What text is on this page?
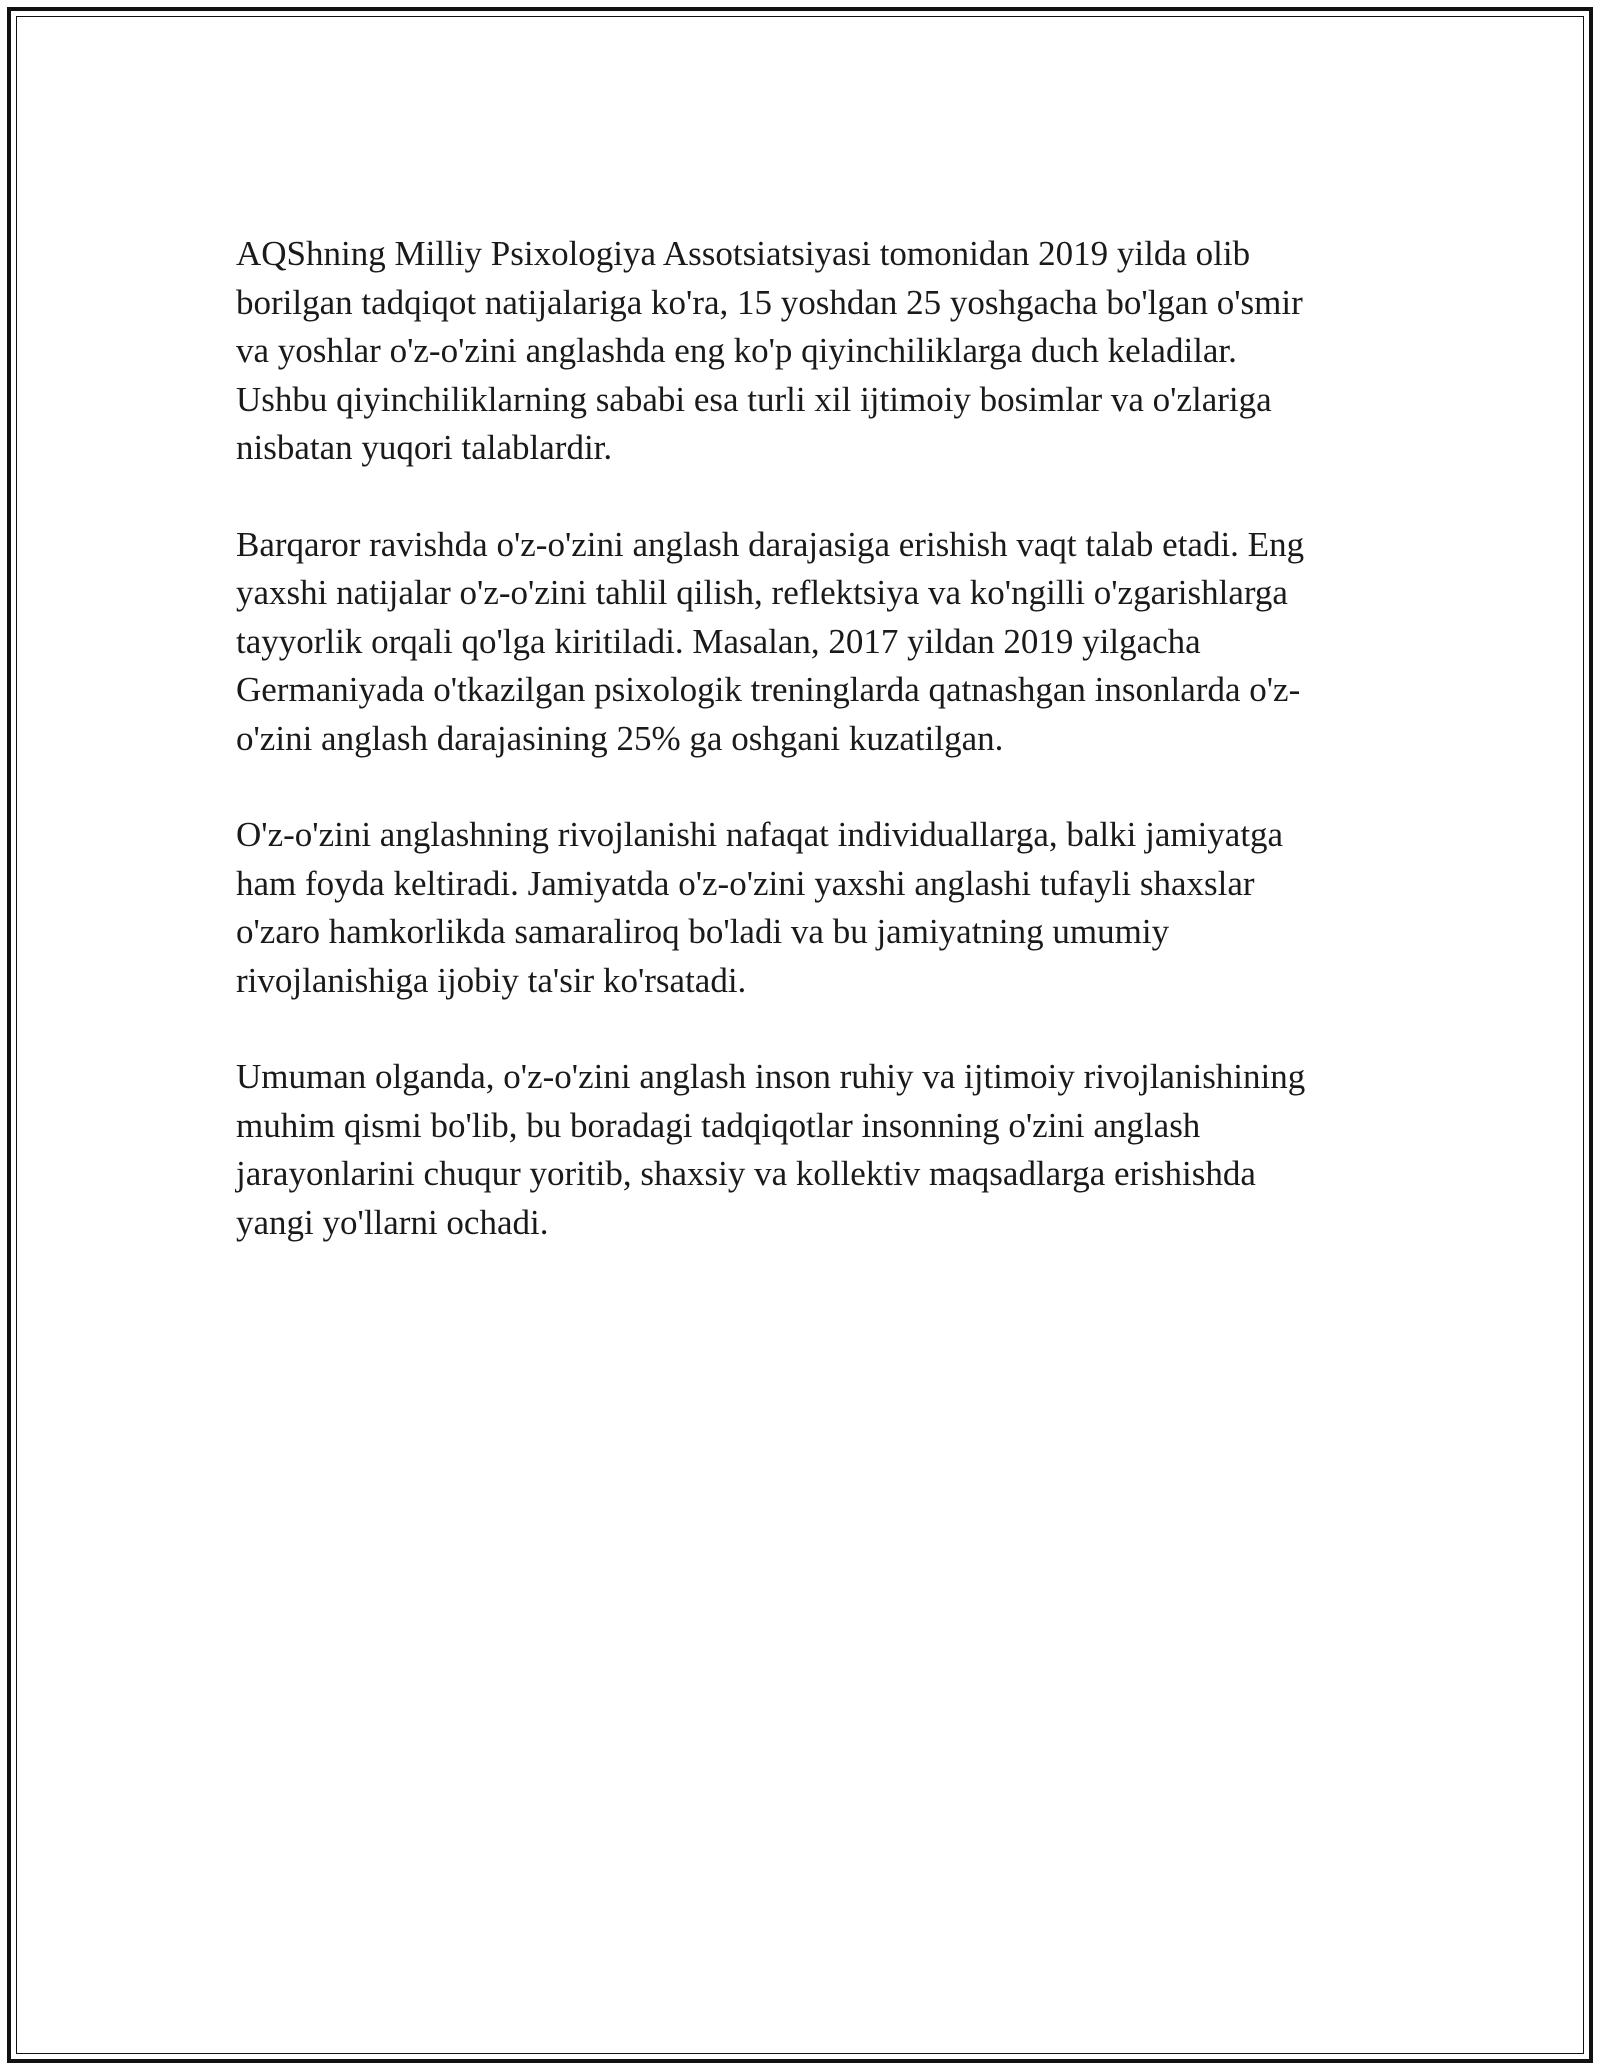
AQShning Milliy Psixologiya Assotsiatsiyasi tomonidan 2019 yilda olib
borilgan tadqiqot natijalariga ko'ra, 15 yoshdan 25 yoshgacha bo'lgan o'smir
va yoshlar o'z-o'zini anglashda eng ko'p qiyinchiliklarga duch keladilar.
Ushbu qiyinchiliklarning sababi esa turli xil ijtimoiy bosimlar va o'zlariga
nisbatan yuqori talablardir.

Barqaror ravishda o'z-o'zini anglash darajasiga erishish vaqt talab etadi. Eng
yaxshi natijalar o'z-o'zini tahlil qilish, reflektsiya va ko'ngilli o'zgarishlarga
tayyorlik orqali qo'lga kiritiladi. Masalan, 2017 yildan 2019 yilgacha
Germaniyada o'tkazilgan psixologik treninglarda qatnashgan insonlarda o'z-
o'zini anglash darajasining 25% ga oshgani kuzatilgan.

O'z-o'zini anglashning rivojlanishi nafaqat individuallarga, balki jamiyatga
ham foyda keltiradi. Jamiyatda o'z-o'zini yaxshi anglashi tufayli shaxslar
o'zaro hamkorlikda samaraliroq bo'ladi va bu jamiyatning umumiy
rivojlanishiga ijobiy ta'sir ko'rsatadi.

Umuman olganda, o'z-o'zini anglash inson ruhiy va ijtimoiy rivojlanishining
muhim qismi bo'lib, bu boradagi tadqiqotlar insonning o'zini anglash
jarayonlarini chuqur yoritib, shaxsiy va kollektiv maqsadlarga erishishda
yangi yo'llarni ochadi.
